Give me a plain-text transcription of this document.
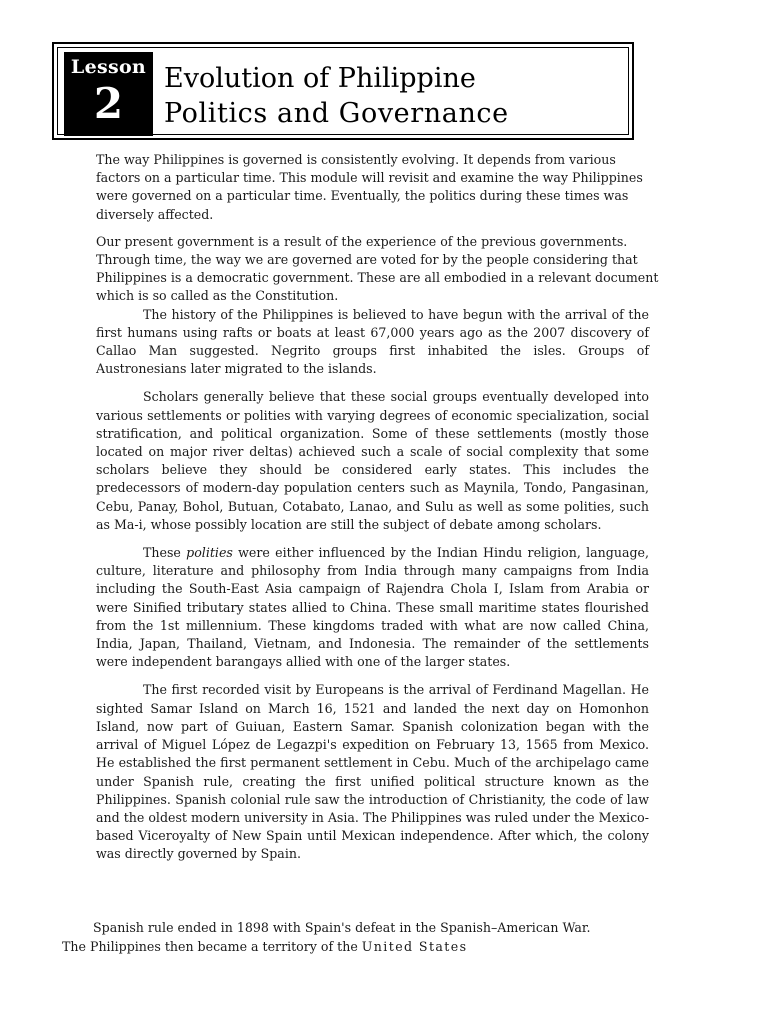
Lesson
2
Evolution of Philippine
Politics and Governance

The way Philippines is governed is consistently evolving. It depends from various factors on a particular time. This module will revisit and examine the way Philippines were governed on a particular time. Eventually, the politics during these times was diversely affected.

Our present government is a result of the experience of the previous governments. Through time, the way we are governed are voted for by the people considering that Philippines is a democratic government. These are all embodied in a relevant document which is so called as the Constitution.

The history of the Philippines is believed to have begun with the arrival of the first humans using rafts or boats at least 67,000 years ago as the 2007 discovery of Callao Man suggested. Negrito groups first inhabited the isles. Groups of Austronesians later migrated to the islands.

Scholars generally believe that these social groups eventually developed into various settlements or polities with varying degrees of economic specialization, social stratification, and political organization. Some of these settlements (mostly those located on major river deltas) achieved such a scale of social complexity that some scholars believe they should be considered early states. This includes the predecessors of modern-day population centers such as Maynila, Tondo, Pangasinan, Cebu, Panay, Bohol, Butuan, Cotabato, Lanao, and Sulu as well as some polities, such as Ma-i, whose possibly location are still the subject of debate among scholars.

These polities were either influenced by the Indian Hindu religion, language, culture, literature and philosophy from India through many campaigns from India including the South-East Asia campaign of Rajendra Chola I, Islam from Arabia or were Sinified tributary states allied to China. These small maritime states flourished from the 1st millennium. These kingdoms traded with what are now called China, India, Japan, Thailand, Vietnam, and Indonesia. The remainder of the settlements were independent barangays allied with one of the larger states.

The first recorded visit by Europeans is the arrival of Ferdinand Magellan. He sighted Samar Island on March 16, 1521 and landed the next day on Homonhon Island, now part of Guiuan, Eastern Samar. Spanish colonization began with the arrival of Miguel López de Legazpi's expedition on February 13, 1565 from Mexico. He established the first permanent settlement in Cebu. Much of the archipelago came under Spanish rule, creating the first unified political structure known as the Philippines. Spanish colonial rule saw the introduction of Christianity, the code of law and the oldest modern university in Asia. The Philippines was ruled under the Mexico-based Viceroyalty of New Spain until Mexican independence. After which, the colony was directly governed by Spain.

Spanish rule ended in 1898 with Spain's defeat in the Spanish–American War.

The Philippines then became a territory of the United States
